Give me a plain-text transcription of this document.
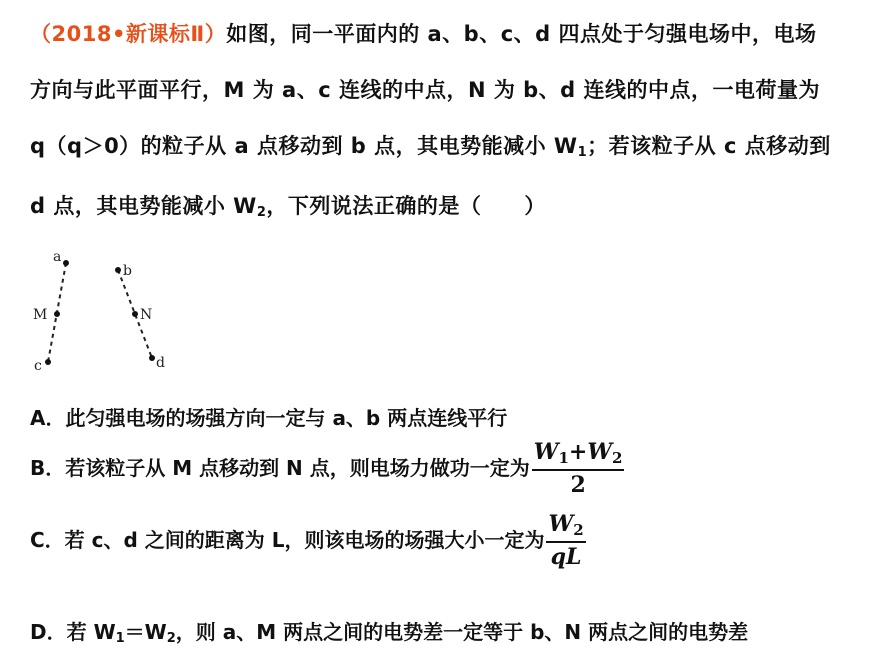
（2018•新课标Ⅱ）如图，同一平面内的 a、b、c、d 四点处于匀强电场中，电场
方向与此平面平行，M 为 a、c 连线的中点，N 为 b、d 连线的中点，一电荷量为
q（q＞0）的粒子从 a 点移动到 b 点，其电势能减小 $W_1$；若该粒子从 c 点移动到
d 点，其电势能减小 $W_2$，下列说法正确的是（　　）
a
M
c
b
N
d
A．此匀强电场的场强方向一定与 a、b 两点连线平行
B．若该粒子从 M 点移动到 N 点，则电场力做功一定为 $\frac{W_1+W_2}{2}$
C．若 c、d 之间的距离为 L，则该电场的场强大小一定为 $\frac{W_2}{qL}$
D．若 $W_1=W_2$，则 a、M 两点之间的电势差一定等于 b、N 两点之间的电势差
